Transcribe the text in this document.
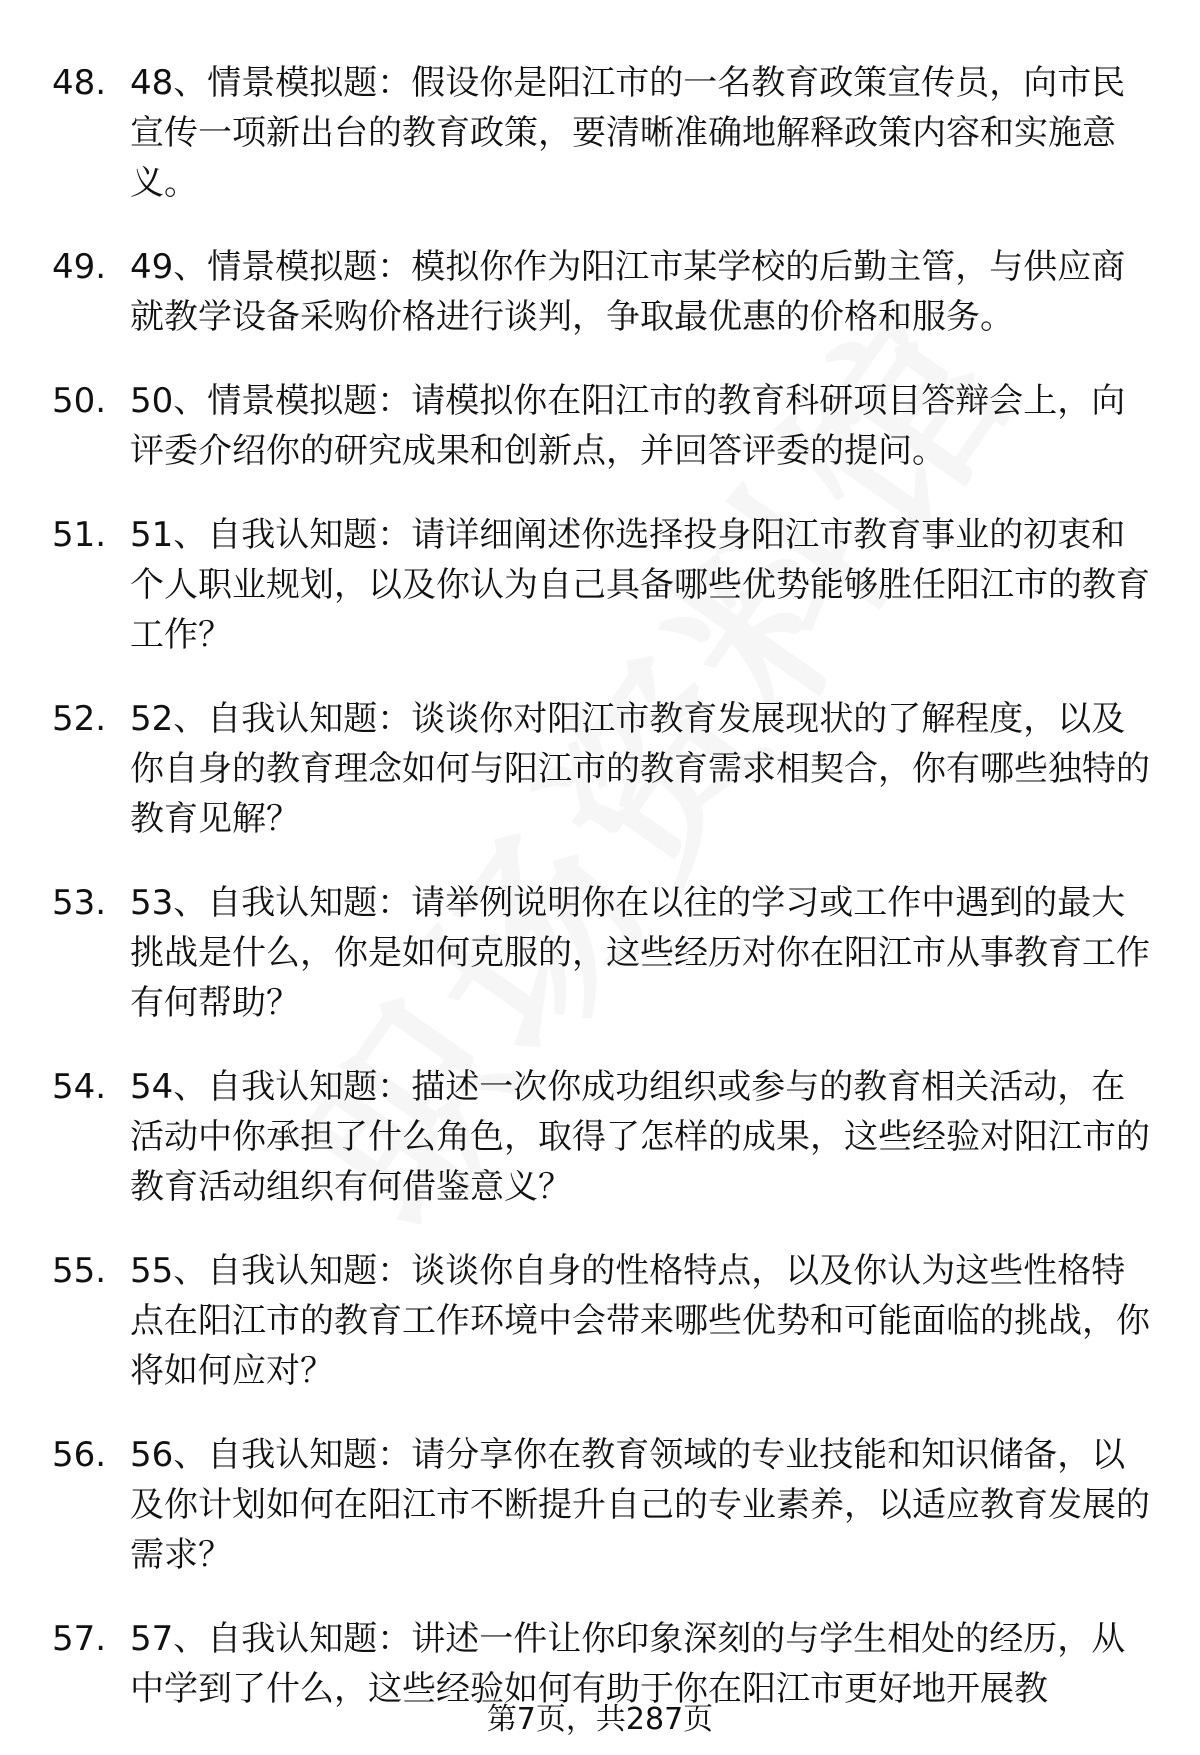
48. 48、情景模拟题：假设你是阳江市的一名教育政策宣传员，向市民宣传一项新出台的教育政策，要清晰准确地解释政策内容和实施意义。
49. 49、情景模拟题：模拟你作为阳江市某学校的后勤主管，与供应商就教学设备采购价格进行谈判，争取最优惠的价格和服务。
50. 50、情景模拟题：请模拟你在阳江市的教育科研项目答辩会上，向评委介绍你的研究成果和创新点，并回答评委的提问。
51. 51、自我认知题：请详细阐述你选择投身阳江市教育事业的初衷和个人职业规划，以及你认为自己具备哪些优势能够胜任阳江市的教育工作？
52. 52、自我认知题：谈谈你对阳江市教育发展现状的了解程度，以及你自身的教育理念如何与阳江市的教育需求相契合，你有哪些独特的教育见解？
53. 53、自我认知题：请举例说明你在以往的学习或工作中遇到的最大挑战是什么，你是如何克服的，这些经历对你在阳江市从事教育工作有何帮助？
54. 54、自我认知题：描述一次你成功组织或参与的教育相关活动，在活动中你承担了什么角色，取得了怎样的成果，这些经验对阳江市的教育活动组织有何借鉴意义？
55. 55、自我认知题：谈谈你自身的性格特点，以及你认为这些性格特点在阳江市的教育工作环境中会带来哪些优势和可能面临的挑战，你将如何应对？
56. 56、自我认知题：请分享你在教育领域的专业技能和知识储备，以及你计划如何在阳江市不断提升自己的专业素养，以适应教育发展的需求？
57. 57、自我认知题：讲述一件让你印象深刻的与学生相处的经历，从中学到了什么，这些经验如何有助于你在阳江市更好地开展教
第7页，共287页
